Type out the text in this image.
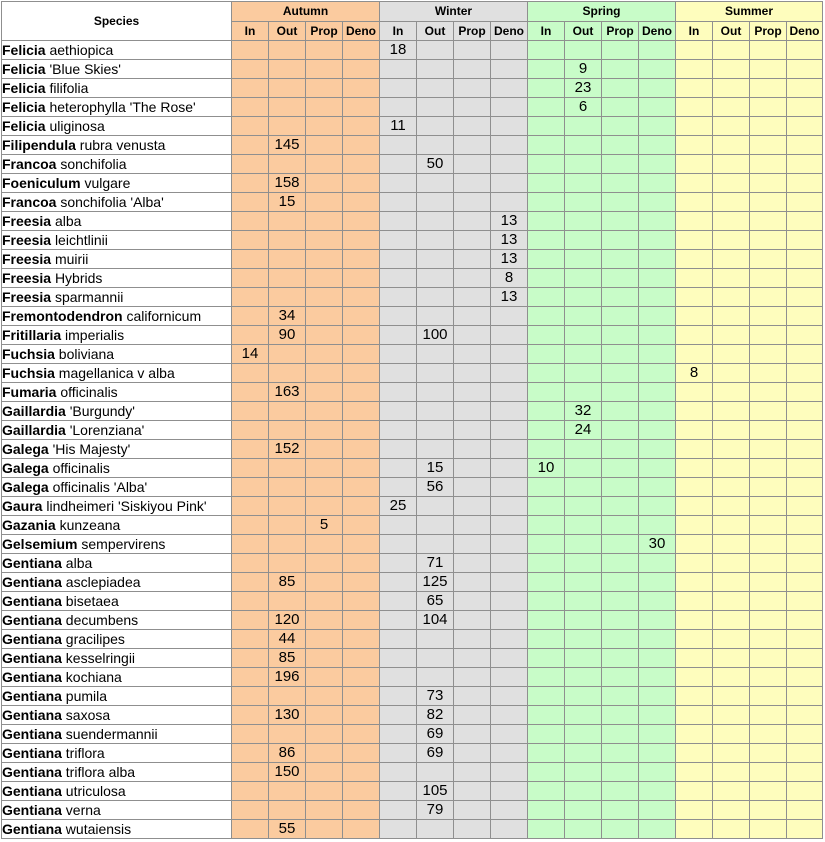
Species	Autumn				Winter				Spring				Summer			
	In	Out	Prop	Deno	In	Out	Prop	Deno	In	Out	Prop	Deno	In	Out	Prop	Deno
Felicia aethiopica					18											
Felicia 'Blue Skies'										9						
Felicia filifolia										23						
Felicia heterophylla 'The Rose'										6						
Felicia uliginosa					11											
Filipendula rubra venusta		145														
Francoa sonchifolia						50										
Foeniculum vulgare		158														
Francoa sonchifolia 'Alba'		15														
Freesia alba								13								
Freesia leichtlinii								13								
Freesia muirii								13								
Freesia Hybrids								8								
Freesia sparmannii								13								
Fremontodendron californicum		34														
Fritillaria imperialis		90				100										
Fuchsia boliviana	14															
Fuchsia magellanica v alba													8			
Fumaria officinalis		163														
Gaillardia 'Burgundy'										32						
Gaillardia 'Lorenziana'										24						
Galega 'His Majesty'		152														
Galega officinalis						15			10							
Galega officinalis 'Alba'						56										
Gaura lindheimeri 'Siskiyou Pink'					25											
Gazania kunzeana			5													
Gelsemium sempervirens												30				
Gentiana alba						71										
Gentiana asclepiadea		85				125										
Gentiana bisetaea						65										
Gentiana decumbens		120				104										
Gentiana gracilipes		44														
Gentiana kesselringii		85														
Gentiana kochiana		196														
Gentiana pumila						73										
Gentiana saxosa		130				82										
Gentiana suendermannii						69										
Gentiana triflora		86				69										
Gentiana triflora alba		150														
Gentiana utriculosa						105										
Gentiana verna						79										
Gentiana wutaiensis		55														
